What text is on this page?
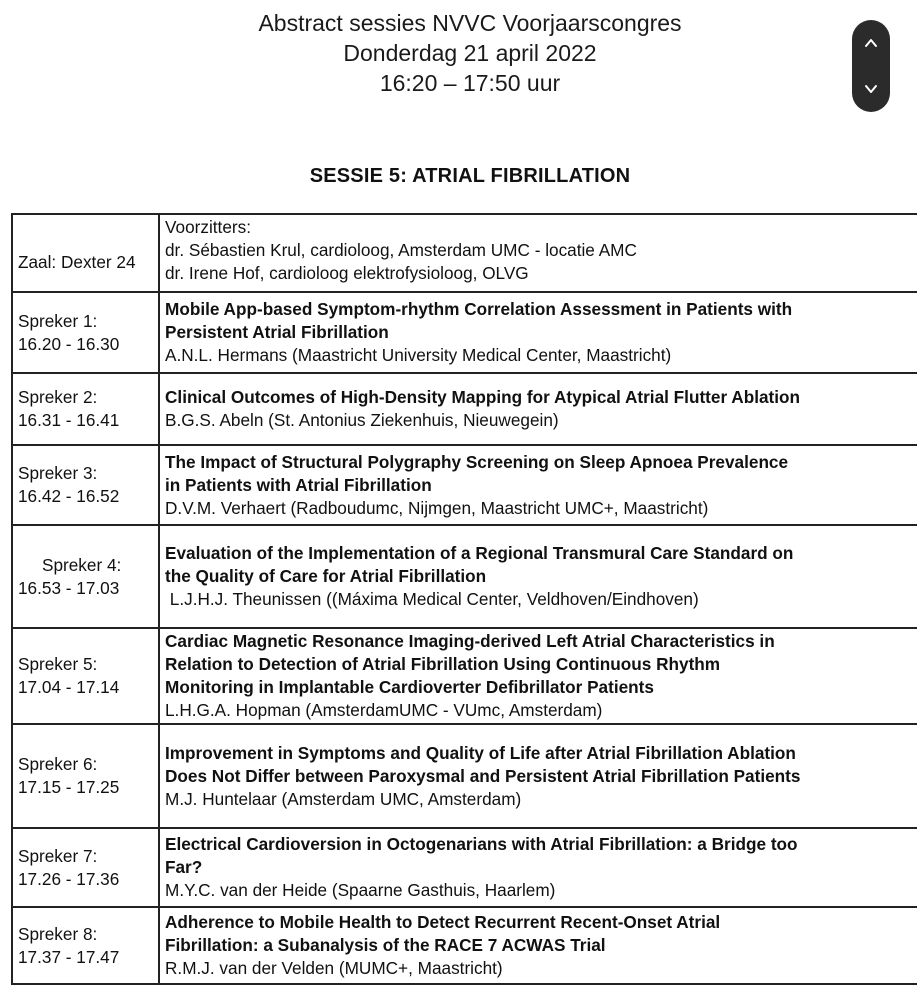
Abstract sessies NVVC Voorjaarscongres
Donderdag 21 april 2022
16:20 – 17:50 uur
SESSIE 5: ATRIAL FIBRILLATION
Zaal: Dexter 24	Voorzitters:
dr. Sébastien Krul, cardioloog, Amsterdam UMC - locatie AMC
dr. Irene Hof, cardioloog elektrofysioloog, OLVG

Spreker 1:
16.20 - 16.30	Mobile App-based Symptom-rhythm Correlation Assessment in Patients with
Persistent Atrial Fibrillation
A.N.L. Hermans (Maastricht University Medical Center, Maastricht)

Spreker 2:
16.31 - 16.41	Clinical Outcomes of High-Density Mapping for Atypical Atrial Flutter Ablation
B.G.S. Abeln (St. Antonius Ziekenhuis, Nieuwegein)

Spreker 3:
16.42 - 16.52	The Impact of Structural Polygraphy Screening on Sleep Apnoea Prevalence
in Patients with Atrial Fibrillation
D.V.M. Verhaert (Radboudumc, Nijmgen, Maastricht UMC+, Maastricht)

Spreker 4:
16.53 - 17.03	Evaluation of the Implementation of a Regional Transmural Care Standard on
the Quality of Care for Atrial Fibrillation
L.J.H.J. Theunissen ((Máxima Medical Center, Veldhoven/Eindhoven)

Spreker 5:
17.04 - 17.14	Cardiac Magnetic Resonance Imaging-derived Left Atrial Characteristics in
Relation to Detection of Atrial Fibrillation Using Continuous Rhythm
Monitoring in Implantable Cardioverter Defibrillator Patients
L.H.G.A. Hopman (AmsterdamUMC - VUmc, Amsterdam)

Spreker 6:
17.15 - 17.25	Improvement in Symptoms and Quality of Life after Atrial Fibrillation Ablation
Does Not Differ between Paroxysmal and Persistent Atrial Fibrillation Patients
M.J. Huntelaar (Amsterdam UMC, Amsterdam)

Spreker 7:
17.26 - 17.36	Electrical Cardioversion in Octogenarians with Atrial Fibrillation: a Bridge too
Far?
M.Y.C. van der Heide (Spaarne Gasthuis, Haarlem)

Spreker 8:
17.37 - 17.47	Adherence to Mobile Health to Detect Recurrent Recent-Onset Atrial
Fibrillation: a Subanalysis of the RACE 7 ACWAS Trial
R.M.J. van der Velden (MUMC+, Maastricht)
